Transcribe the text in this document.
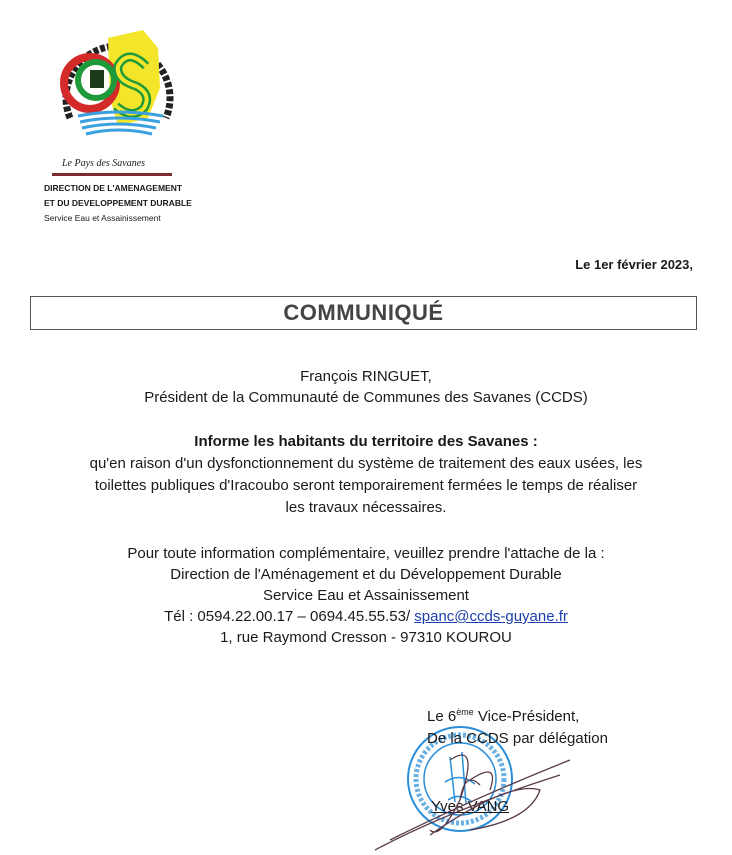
Le Pays des Savanes
DIRECTION DE L'AMENAGEMENT
ET DU DEVELOPPEMENT DURABLE
Service Eau et Assainissement
Le 1er février 2023,
COMMUNIQUÉ
François RINGUET,
Président de la Communauté de Communes des Savanes (CCDS)
Informe les habitants du territoire des Savanes :
qu'en raison d'un dysfonctionnement du système de traitement des eaux usées, les
toilettes publiques d'Iracoubo seront temporairement fermées le temps de réaliser
les travaux nécessaires.
Pour toute information complémentaire, veuillez prendre l'attache de la :
Direction de l'Aménagement et du Développement Durable
Service Eau et Assainissement
Tél : 0594.22.00.17 – 0694.45.55.53/ spanc@ccds-guyane.fr
1, rue Raymond Cresson - 97310 KOUROU
Le 6ème Vice-Président,
De la CCDS par délégation
Yves VANG
